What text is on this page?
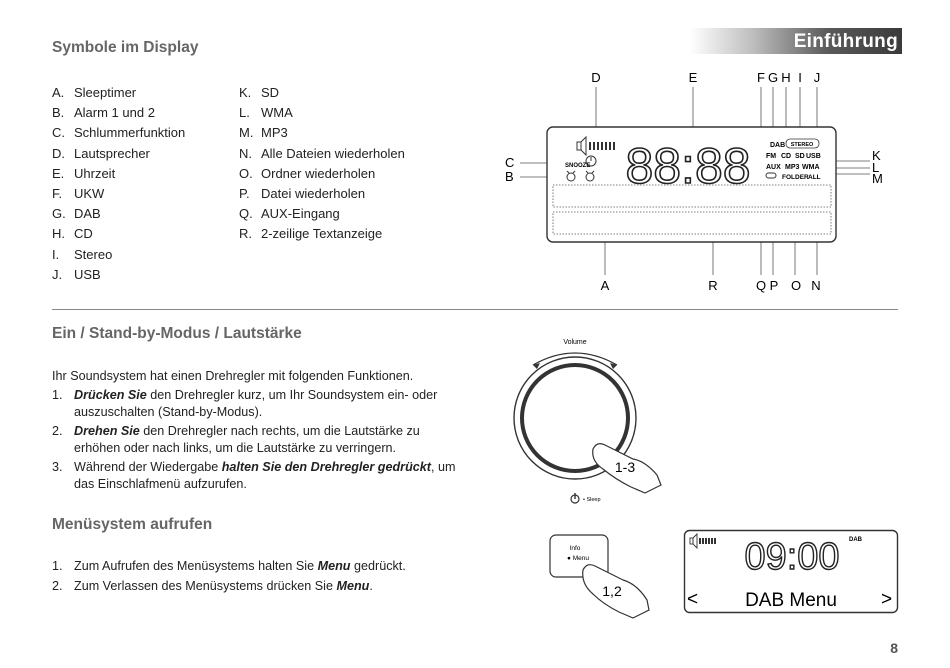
Einführung
Symbole im Display
A. Sleeptimer
B. Alarm 1 und 2
C. Schlummerfunktion
D. Lautsprecher
E. Uhrzeit
F. UKW
G. DAB
H. CD
I.	Stereo
J. USB
K. SD
L. WMA
M. MP3
N. Alle Dateien wiederholen
O. Ordner wiederholen
P. Datei wiederholen
Q. AUX-Eingang
R. 2-zeilige Textanzeige
D	E	F G H I J
SNOOZE 88:88	DAB STEREO
FM CD SD USB
AUX MP3 WMA
FOLDER ALL
C
B
K
L
M
A	R	Q P O N
Ein / Stand-by-Modus / Lautstärke
Ihr Soundsystem hat einen Drehregler mit folgenden Funktionen.
1. Drücken Sie den Drehregler kurz, um Ihr Soundsystem ein- oder auszuschalten (Stand-by-Modus).
2. Drehen Sie den Drehregler nach rechts, um die Lautstärke zu erhöhen oder nach links, um die Lautstärke zu verringern.
3. Während der Wiedergabe halten Sie den Drehregler gedrückt, um das Einschlafmenü aufzurufen.
Volume
1-3
• Sleep
Menüsystem aufrufen
1. Zum Aufrufen des Menüsystems halten Sie Menu gedrückt.
2. Zum Verlassen des Menüsystems drücken Sie Menu.
Info
● Menu
1,2
09:00 DAB
< DAB Menu >
8
